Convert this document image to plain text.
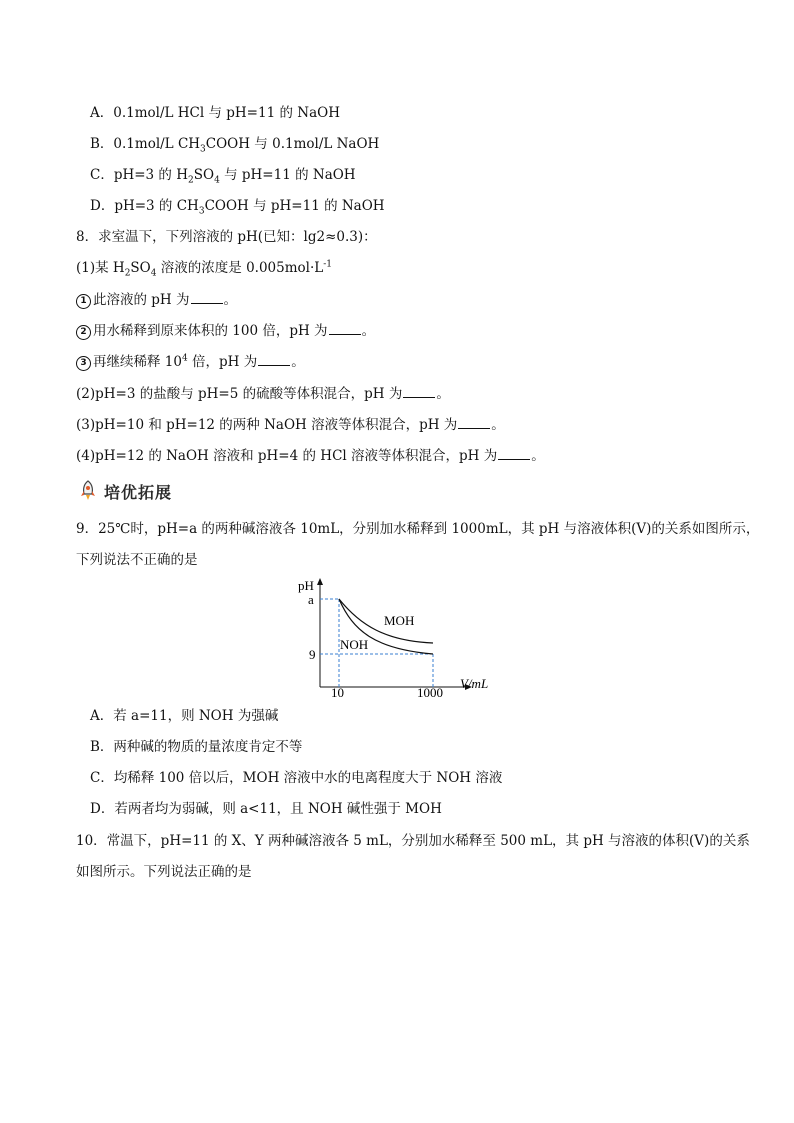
A．0.1mol/L HCl 与 pH=11 的 NaOH
B．0.1mol/L $CH_3COOH$ 与 0.1mol/L NaOH
C．pH=3 的 $H_2SO_4$ 与 pH=11 的 NaOH
D．pH=3 的 $CH_3COOH$ 与 pH=11 的 NaOH
8．求室温下，下列溶液的 pH(已知：lg2≈0.3)：
(1)某 $H_2SO_4$ 溶液的浓度是 $0.005mol\cdot L^{-1}$
1 此溶液的 pH 为	。
2 用水稀释到原来体积的 100 倍，pH 为	。
3 再继续稀释 $10^4$ 倍，pH 为	。
(2)pH=3 的盐酸与 pH=5 的硫酸等体积混合，pH 为	。
(3)pH=10 和 pH=12 的两种 NaOH 溶液等体积混合，pH 为	。
(4)pH=12 的 NaOH 溶液和 pH=4 的 HCl 溶液等体积混合，pH 为	。
培优拓展
9．25℃时，pH=a 的两种碱溶液各 10mL，分别加水稀释到 1000mL，其 pH 与溶液体积(V)的关系如图所示，
下列说法不正确的是
pH
a
9
10	1000
V/mL
MOH
NOH
A．若 a=11，则 NOH 为强碱
B．两种碱的物质的量浓度肯定不等
C．均稀释 100 倍以后，MOH 溶液中水的电离程度大于 NOH 溶液
D．若两者均为弱碱，则 a<11，且 NOH 碱性强于 MOH
10．常温下，pH=11 的 X、Y 两种碱溶液各 5 mL，分别加水稀释至 500 mL，其 pH 与溶液的体积(V)的关系
如图所示。下列说法正确的是
